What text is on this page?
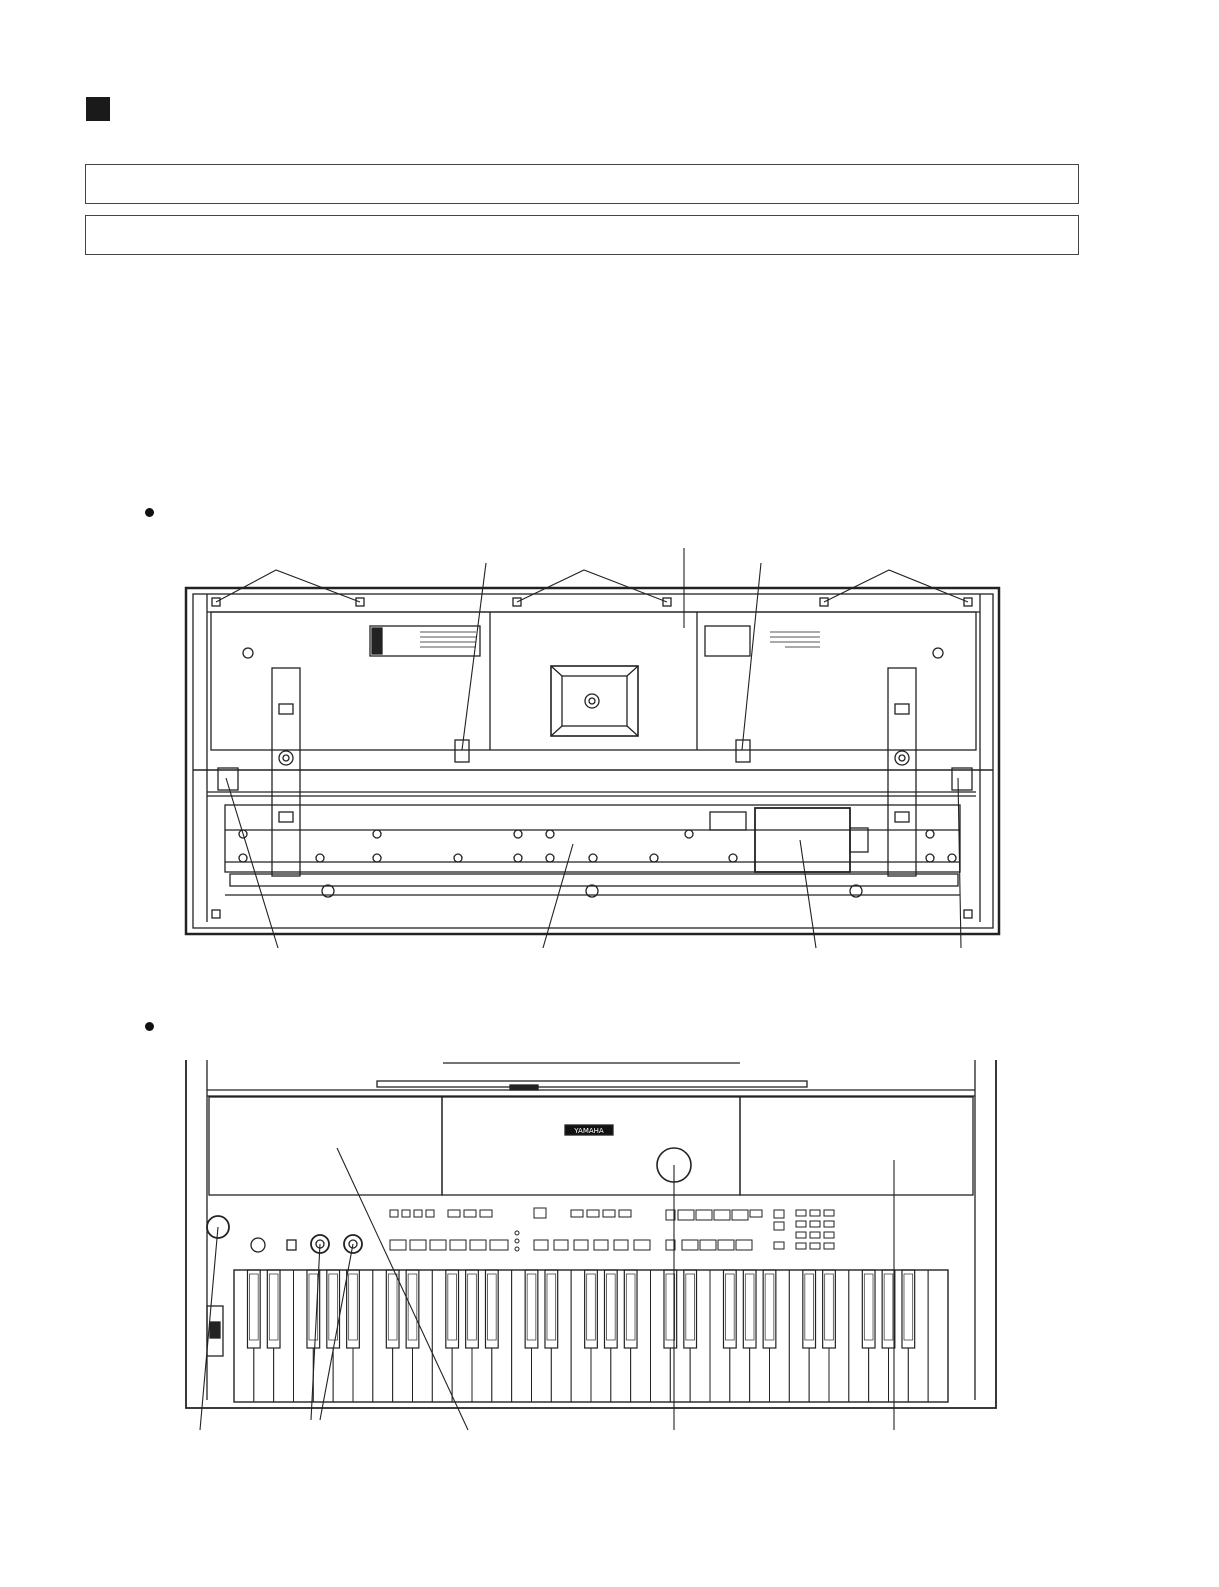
YAMAHA
